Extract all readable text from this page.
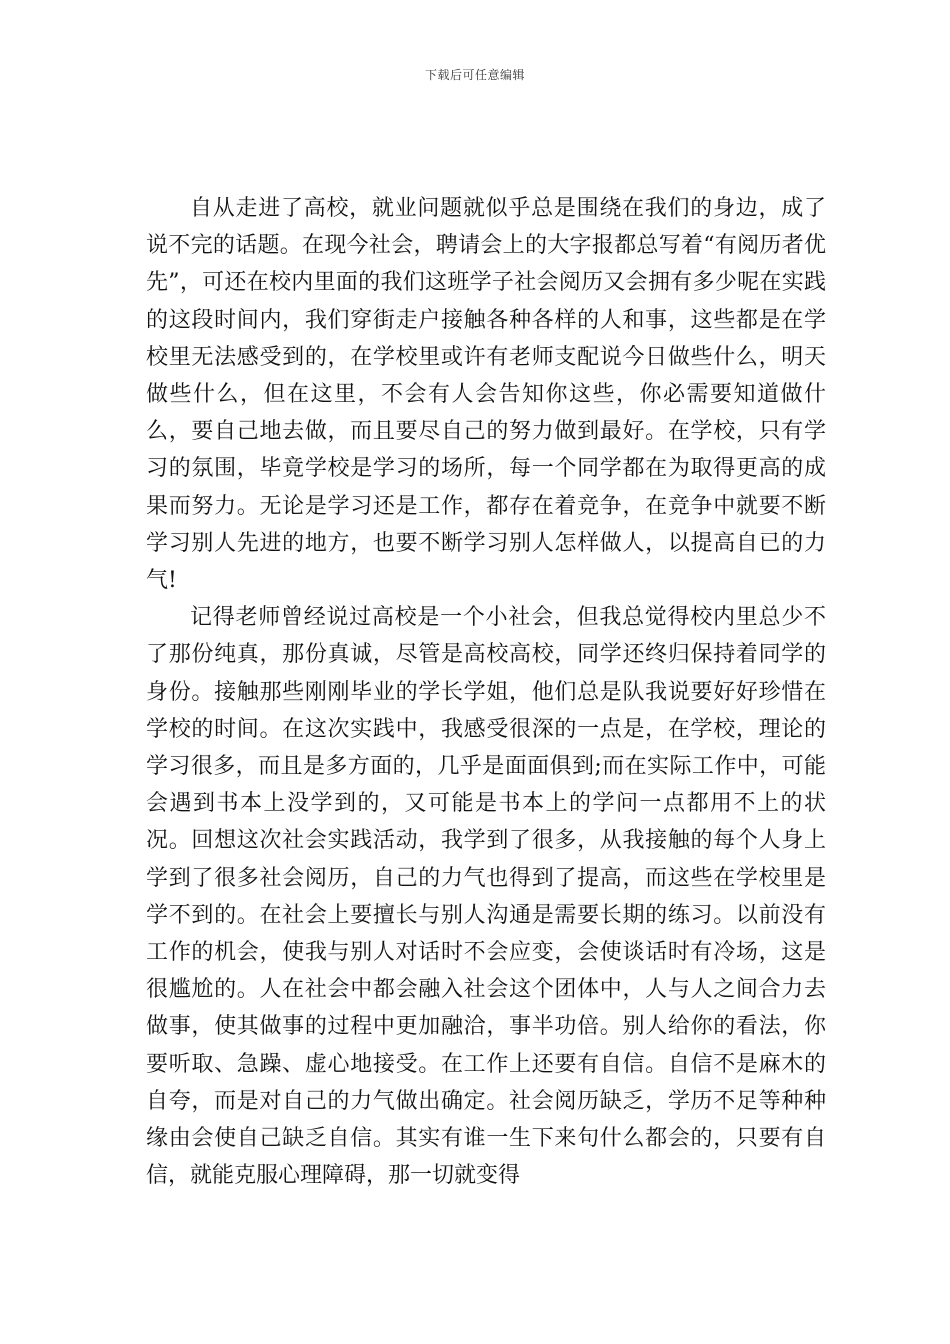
下载后可任意编辑

自从走进了高校，就业问题就似乎总是围绕在我们的身边，成了说不完的话题。在现今社会，聘请会上的大字报都总写着“有阅历者优先”，可还在校内里面的我们这班学子社会阅历又会拥有多少呢在实践的这段时间内，我们穿街走户接触各种各样的人和事，这些都是在学校里无法感受到的，在学校里或许有老师支配说今日做些什么，明天做些什么，但在这里，不会有人会告知你这些，你必需要知道做什么，要自己地去做，而且要尽自己的努力做到最好。在学校，只有学习的氛围，毕竟学校是学习的场所，每一个同学都在为取得更高的成果而努力。无论是学习还是工作，都存在着竞争，在竞争中就要不断学习别人先进的地方，也要不断学习别人怎样做人，以提高自已的力气!

记得老师曾经说过高校是一个小社会，但我总觉得校内里总少不了那份纯真，那份真诚，尽管是高校高校，同学还终归保持着同学的身份。接触那些刚刚毕业的学长学姐，他们总是队我说要好好珍惜在学校的时间。在这次实践中，我感受很深的一点是，在学校，理论的学习很多，而且是多方面的，几乎是面面俱到;而在实际工作中，可能会遇到书本上没学到的，又可能是书本上的学问一点都用不上的状况。回想这次社会实践活动，我学到了很多，从我接触的每个人身上学到了很多社会阅历，自己的力气也得到了提高，而这些在学校里是学不到的。在社会上要擅长与别人沟通是需要长期的练习。以前没有工作的机会，使我与别人对话时不会应变，会使谈话时有冷场，这是很尴尬的。人在社会中都会融入社会这个团体中，人与人之间合力去做事，使其做事的过程中更加融洽，事半功倍。别人给你的看法，你要听取、急躁、虚心地接受。在工作上还要有自信。自信不是麻木的自夸，而是对自己的力气做出确定。社会阅历缺乏，学历不足等种种缘由会使自己缺乏自信。其实有谁一生下来句什么都会的，只要有自信，就能克服心理障碍，那一切就变得
